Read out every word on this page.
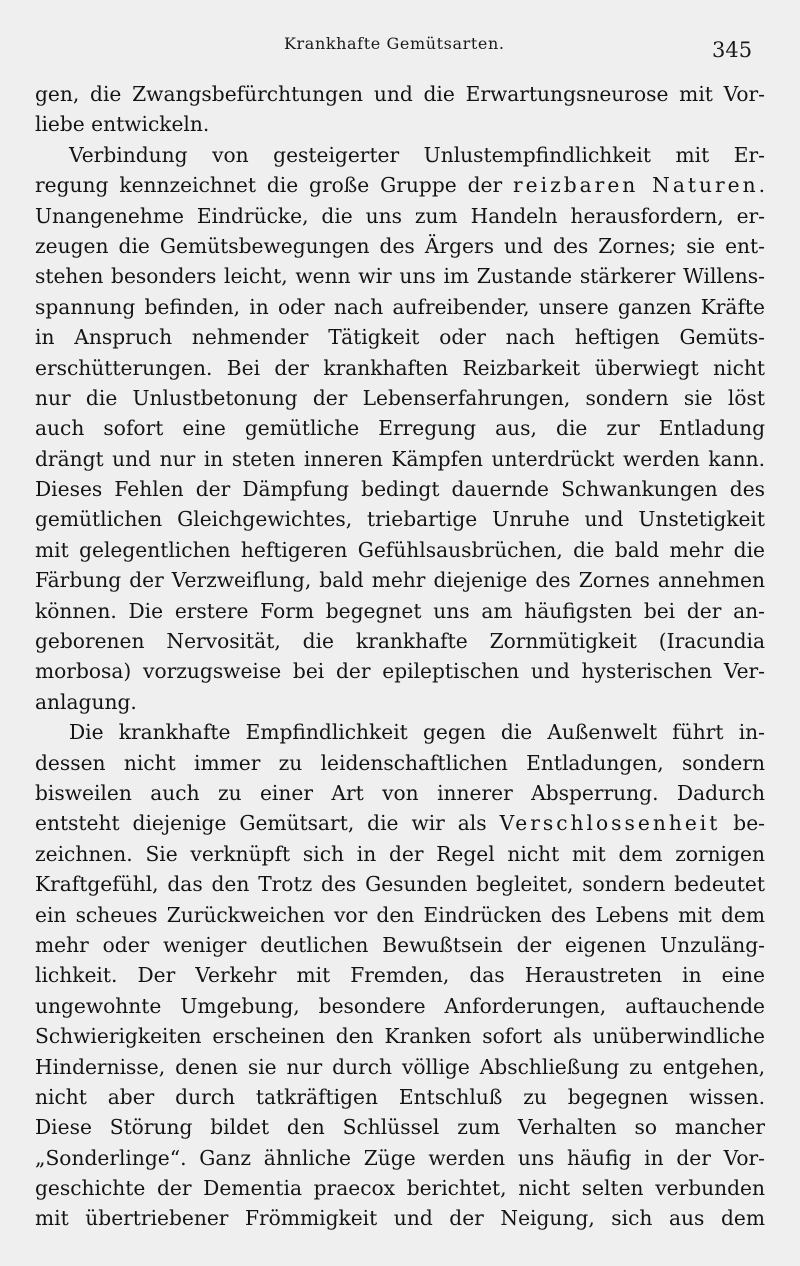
Krankhafte Gemütsarten.	345
gen, die Zwangsbefürchtungen und die Erwartungsneurose mit Vor-
liebe entwickeln.
Verbindung von gesteigerter Unlustempfindlichkeit mit Er-
regung kennzeichnet die große Gruppe der reizbaren Naturen.
Unangenehme Eindrücke, die uns zum Handeln herausfordern, er-
zeugen die Gemütsbewegungen des Ärgers und des Zornes; sie ent-
stehen besonders leicht, wenn wir uns im Zustande stärkerer Willens-
spannung befinden, in oder nach aufreibender, unsere ganzen Kräfte
in Anspruch nehmender Tätigkeit oder nach heftigen Gemüts-
erschütterungen. Bei der krankhaften Reizbarkeit überwiegt nicht
nur die Unlustbetonung der Lebenserfahrungen, sondern sie löst
auch sofort eine gemütliche Erregung aus, die zur Entladung
drängt und nur in steten inneren Kämpfen unterdrückt werden kann.
Dieses Fehlen der Dämpfung bedingt dauernde Schwankungen des
gemütlichen Gleichgewichtes, triebartige Unruhe und Unstetigkeit
mit gelegentlichen heftigeren Gefühlsausbrüchen, die bald mehr die
Färbung der Verzweiflung, bald mehr diejenige des Zornes annehmen
können. Die erstere Form begegnet uns am häufigsten bei der an-
geborenen Nervosität, die krankhafte Zornmütigkeit (Iracundia
morbosa) vorzugsweise bei der epileptischen und hysterischen Ver-
anlagung.
Die krankhafte Empfindlichkeit gegen die Außenwelt führt in-
dessen nicht immer zu leidenschaftlichen Entladungen, sondern
bisweilen auch zu einer Art von innerer Absperrung. Dadurch
entsteht diejenige Gemütsart, die wir als Verschlossenheit be-
zeichnen. Sie verknüpft sich in der Regel nicht mit dem zornigen
Kraftgefühl, das den Trotz des Gesunden begleitet, sondern bedeutet
ein scheues Zurückweichen vor den Eindrücken des Lebens mit dem
mehr oder weniger deutlichen Bewußtsein der eigenen Unzuläng-
lichkeit. Der Verkehr mit Fremden, das Heraustreten in eine
ungewohnte Umgebung, besondere Anforderungen, auftauchende
Schwierigkeiten erscheinen den Kranken sofort als unüberwindliche
Hindernisse, denen sie nur durch völlige Abschließung zu entgehen,
nicht aber durch tatkräftigen Entschluß zu begegnen wissen.
Diese Störung bildet den Schlüssel zum Verhalten so mancher
„Sonderlinge“. Ganz ähnliche Züge werden uns häufig in der Vor-
geschichte der Dementia praecox berichtet, nicht selten verbunden
mit übertriebener Frömmigkeit und der Neigung, sich aus dem
